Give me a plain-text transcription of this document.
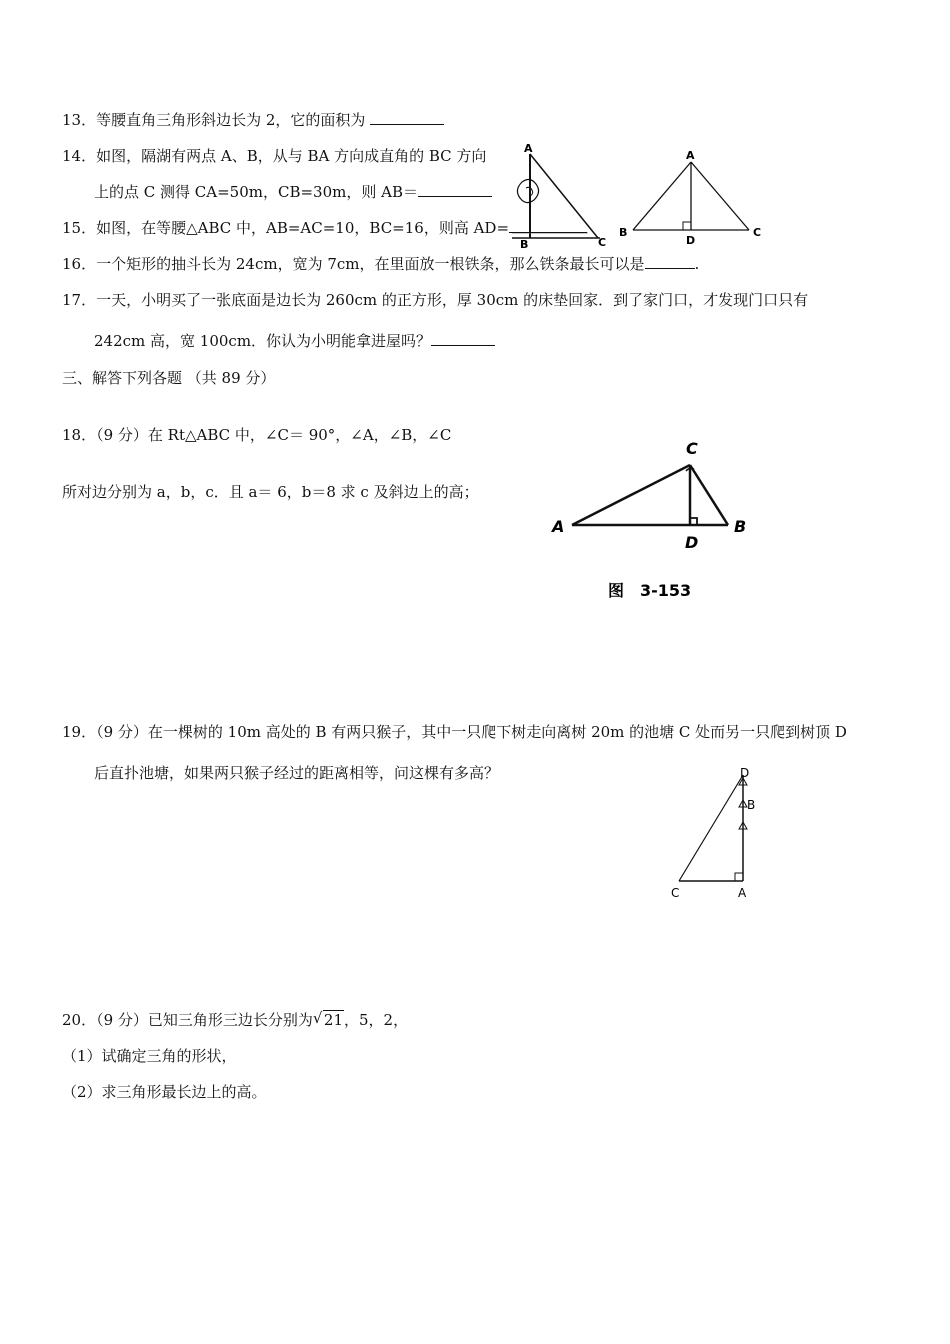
13．等腰直角三角形斜边长为 2，它的面积为
14．如图，隔湖有两点 A、B，从与 BA 方向成直角的 BC 方向
上的点 C 测得 CA=50m，CB=30m，则 AB＝
A
B	C
15．如图，在等腰△ABC 中，AB=AC=10，BC=16，则高 AD=
A
B	C
D
16．一个矩形的抽斗长为 24cm，宽为 7cm，在里面放一根铁条，那么铁条最长可以是	.
17．一天，小明买了一张底面是边长为 260cm 的正方形，厚 30cm 的床垫回家．到了家门口，才发现门口只有
242cm 高，宽 100cm．你认为小明能拿进屋吗？
三、解答下列各题 （共 89 分）
18．（9 分）在 Rt△ABC 中，∠C＝ 90°，∠A，∠B，∠C
所对边分别为 a，b，c．且 a＝ 6，b＝8 求 c 及斜边上的高；
C
A	B
D
图　3-153
19．（9 分）在一棵树的 10m 高处的 B 有两只猴子，其中一只爬下树走向离树 20m 的池塘 C 处而另一只爬到树顶 D
后直扑池塘，如果两只猴子经过的距离相等，问这棵有多高？	D
B
C	A
20．（9 分）已知三角形三边长分别为 √ 21，5，2，
（1）试确定三角的形状，
（2）求三角形最长边上的高。
